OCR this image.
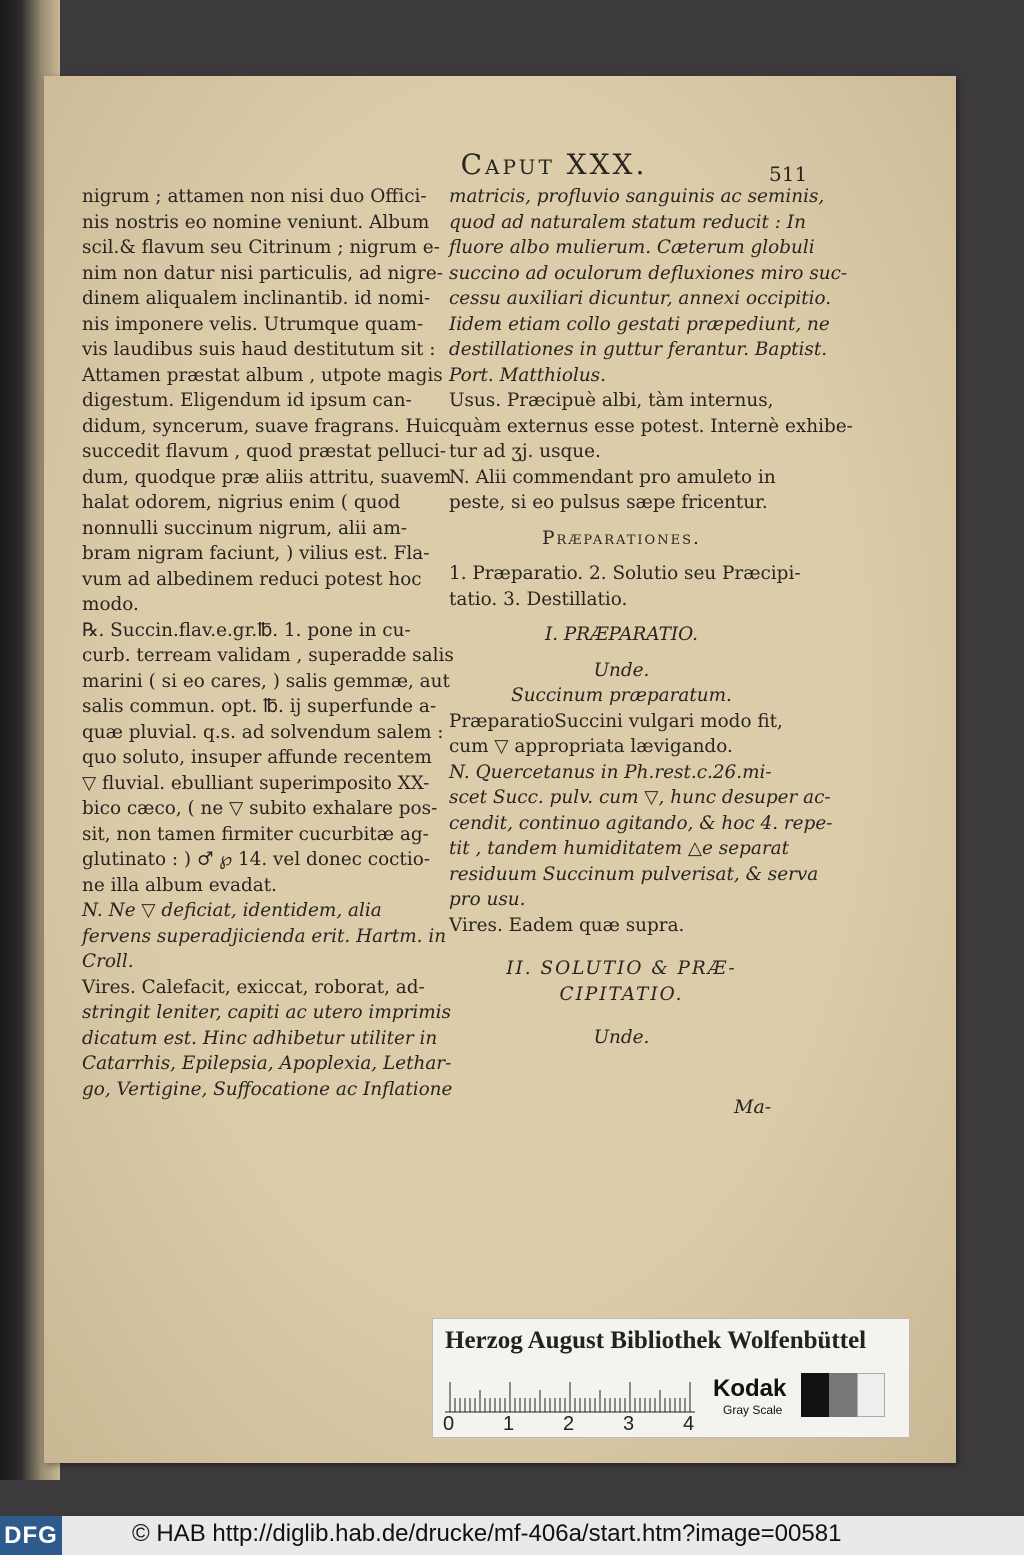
Caput XXX.	511
nigrum ; attamen non nisi duo Offici-
nis nostris eo nomine veniunt. Album
scil.& flavum seu Citrinum ; nigrum e-
nim non datur nisi particulis, ad nigre-
dinem aliqualem inclinantib. id nomi-
nis imponere velis. Utrumque quam-
vis laudibus suis haud destitutum sit :
Attamen præstat album , utpote magis
digestum. Eligendum id ipsum can-
didum, syncerum, suave fragrans. Huic
succedit flavum , quod præstat pelluci-
dum, quodque præ aliis attritu, suavem
halat odorem, nigrius enim ( quod
nonnulli succinum nigrum, alii am-
bram nigram faciunt, ) vilius est. Fla-
vum ad albedinem reduci potest hoc
modo.
℞. Succin.flav.e.gr.℔. 1. pone in cu-
curb. terream validam , superadde salis
marini ( si eo cares, ) salis gemmæ, aut
salis commun. opt. ℔. ij superfunde a-
quæ pluvial. q.s. ad solvendum salem :
quo soluto, insuper affunde recentem
▽ fluvial. ebulliant superimposito XX-
bico cæco, ( ne ▽ subito exhalare pos-
sit, non tamen firmiter cucurbitæ ag-
glutinato : ) ♂ ℘ 14. vel donec coctio-
ne illa album evadat.
N. Ne ▽ deficiat, identidem, alia
fervens superadjicienda erit. Hartm. in
Croll.
Vires. Calefacit, exiccat, roborat, ad-
stringit leniter, capiti ac utero imprimis
dicatum est. Hinc adhibetur utiliter in
Catarrhis, Epilepsia, Apoplexia, Lethar-
go, Vertigine, Suffocatione ac Inflatione
matricis, profluvio sanguinis ac seminis,
quod ad naturalem statum reducit : In
fluore albo mulierum. Cæterum globuli
succino ad oculorum defluxiones miro suc-
cessu auxiliari dicuntur, annexi occipitio.
Iidem etiam collo gestati præpediunt, ne
destillationes in guttur ferantur. Baptist.
Port. Matthiolus.
Usus. Præcipuè albi, tàm internus,
quàm externus esse potest. Internè exhibe-
tur ad ʒj. usque.
N. Alii commendant pro amuleto in
peste, si eo pulsus sæpe fricentur.
Præparationes.
1. Præparatio. 2. Solutio seu Præcipi-
tatio. 3. Destillatio.
I. PRÆPARATIO.
Unde.
Succinum præparatum.
PræparatioSuccini vulgari modo fit,
cum ▽ appropriata lævigando.
N. Quercetanus in Ph.rest.c.26.mi-
scet Succ. pulv. cum ▽, hunc desuper ac-
cendit, continuo agitando, & hoc 4. repe-
tit , tandem humiditatem △e separat
residuum Succinum pulverisat, & serva
pro usu.
Vires. Eadem quæ supra.
II. SOLUTIO & PRÆ-
CIPITATIO.
Unde.
Ma-
Herzog August Bibliothek Wolfenbüttel
0 1 2 3 4
Kodak
Gray Scale
DFG	© HAB http://diglib.hab.de/drucke/mf-406a/start.htm?image=00581
